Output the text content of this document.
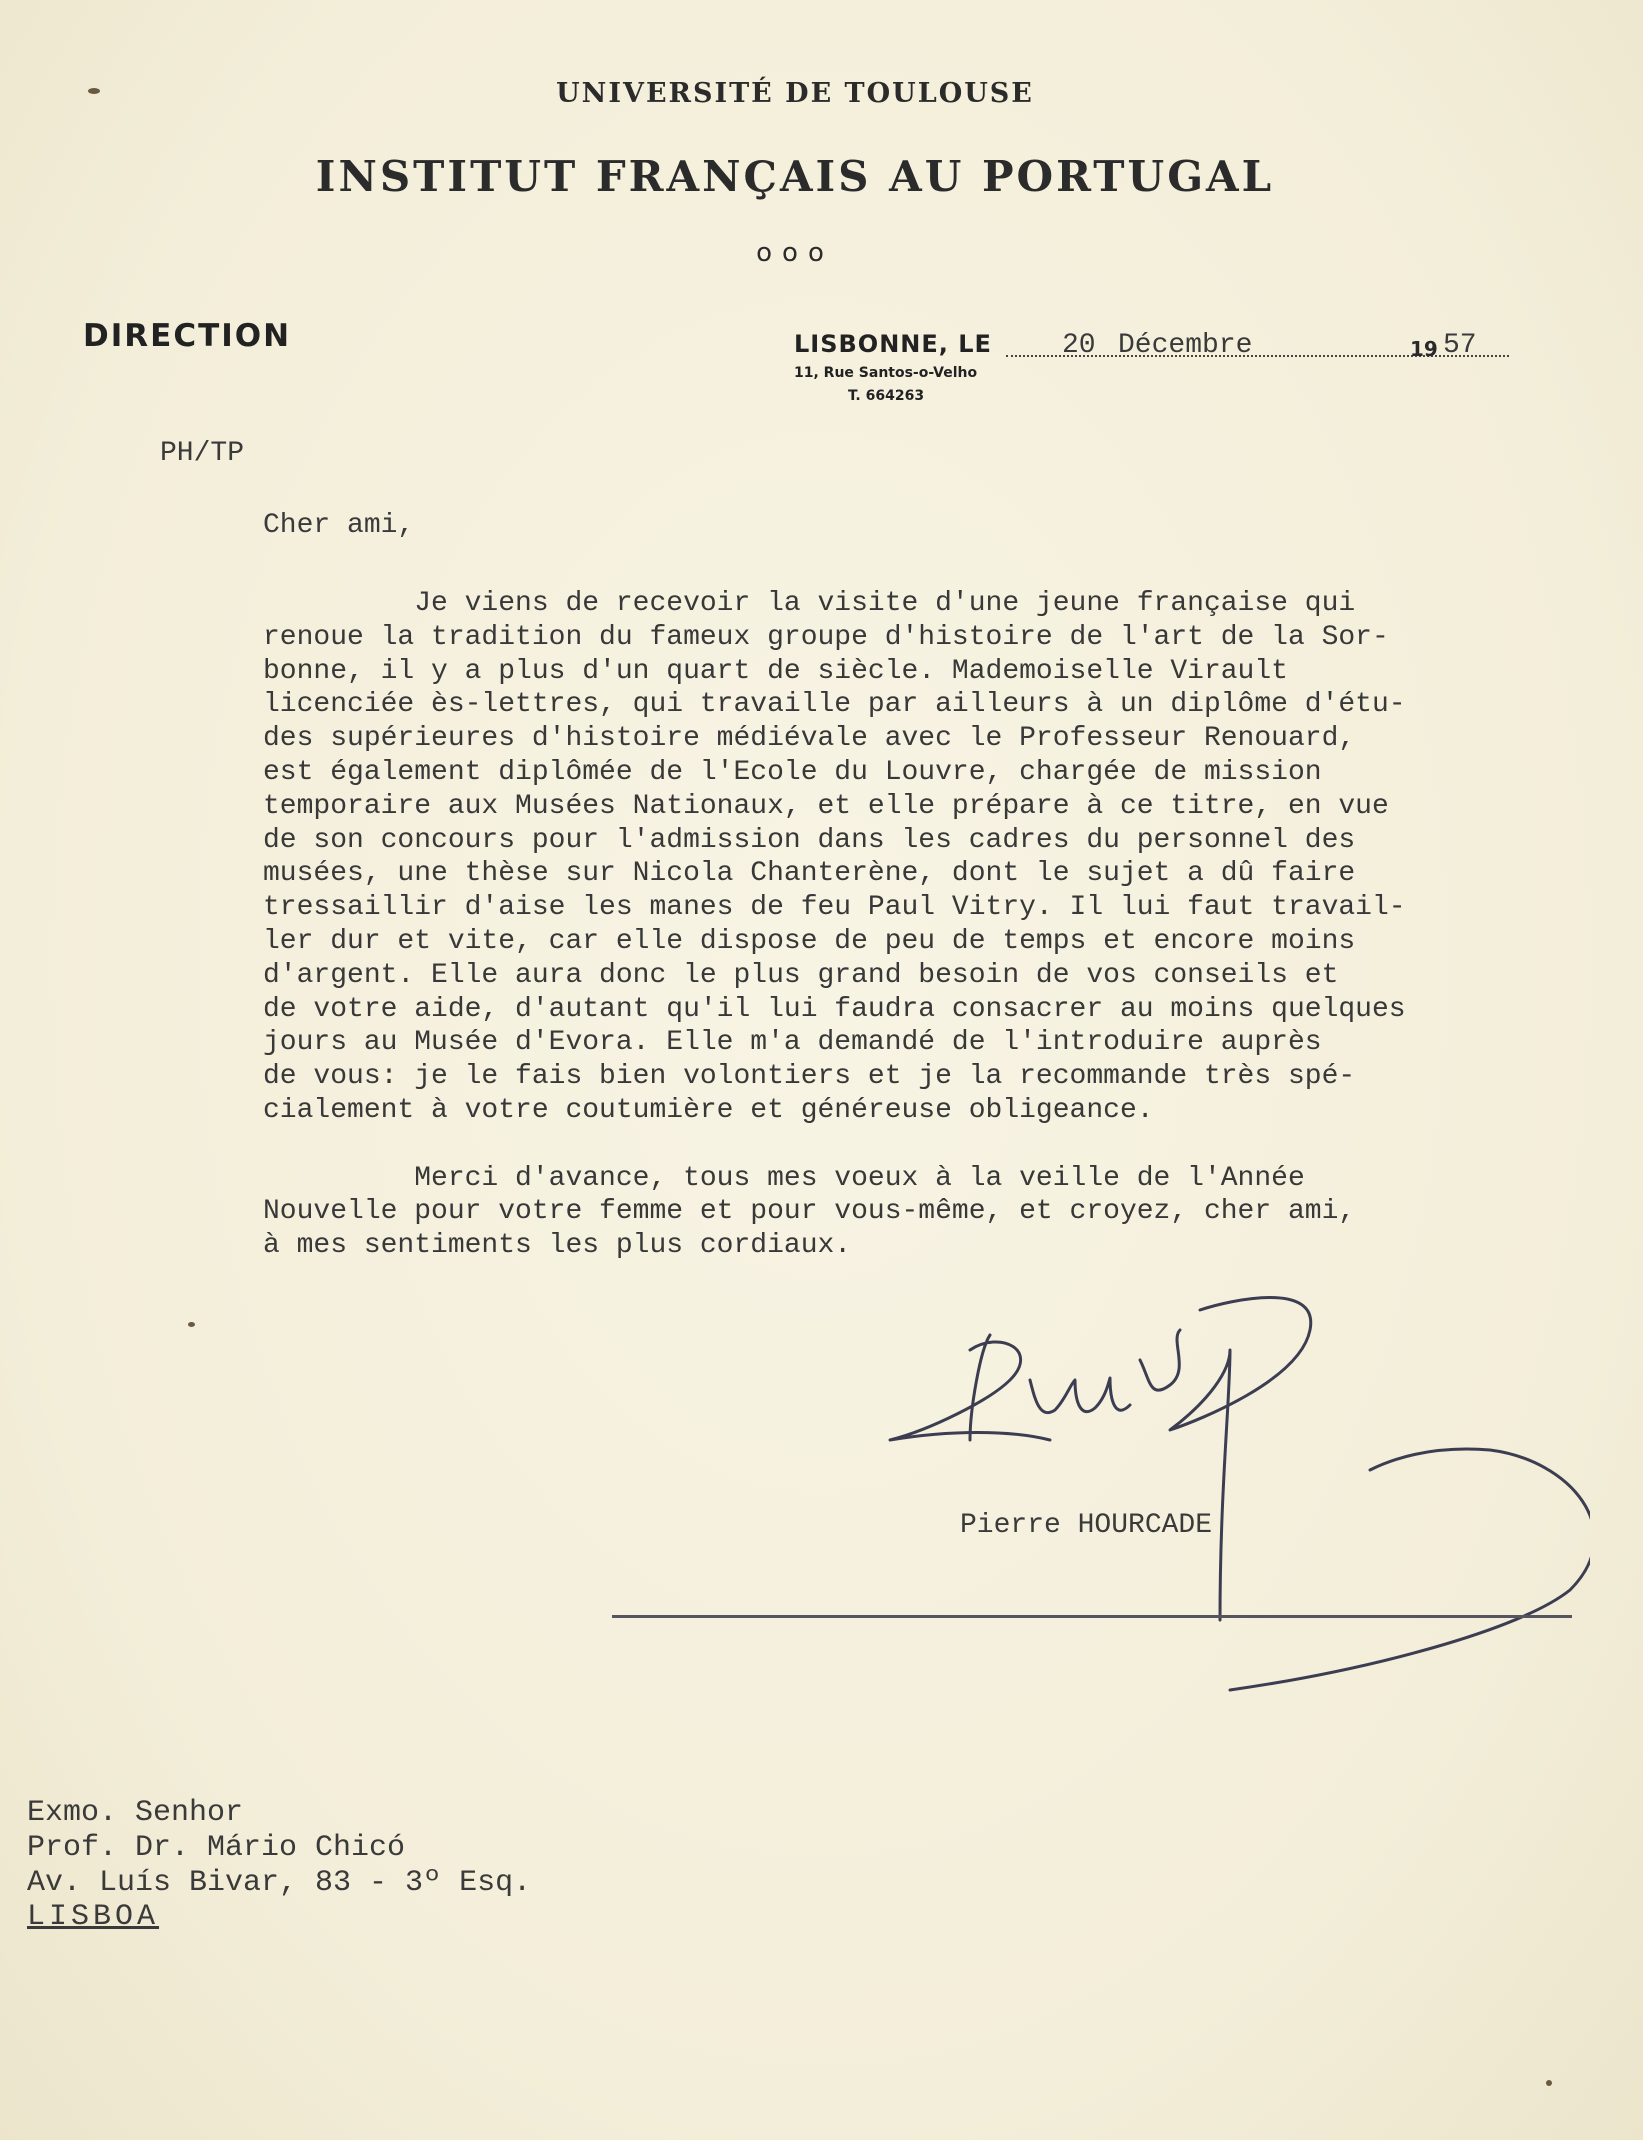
UNIVERSITÉ DE TOULOUSE
INSTITUT FRANÇAIS AU PORTUGAL
ooo
DIRECTION	LISBONNE, LE	20 Décembre	19 57
11, Rue Santos-o-Velho
T. 664263
PH/TP
Cher ami,
Je viens de recevoir la visite d'une jeune française qui
renoue la tradition du fameux groupe d'histoire de l'art de la Sor-
bonne, il y a plus d'un quart de siècle. Mademoiselle Virault
licenciée ès-lettres, qui travaille par ailleurs à un diplôme d'étu-
des supérieures d'histoire médiévale avec le Professeur Renouard,
est également diplômée de l'Ecole du Louvre, chargée de mission
temporaire aux Musées Nationaux, et elle prépare à ce titre, en vue
de son concours pour l'admission dans les cadres du personnel des
musées, une thèse sur Nicola Chanterène, dont le sujet a dû faire
tressaillir d'aise les manes de feu Paul Vitry. Il lui faut travail-
ler dur et vite, car elle dispose de peu de temps et encore moins
d'argent. Elle aura donc le plus grand besoin de vos conseils et
de votre aide, d'autant qu'il lui faudra consacrer au moins quelques
jours au Musée d'Evora. Elle m'a demandé de l'introduire auprès
de vous: je le fais bien volontiers et je la recommande très spé-
cialement à votre coutumière et généreuse obligeance.
Merci d'avance, tous mes voeux à la veille de l'Année
Nouvelle pour votre femme et pour vous-même, et croyez, cher ami,
à mes sentiments les plus cordiaux.
Pierre HOURCADE
Exmo. Senhor
Prof. Dr. Mário Chicó
Av. Luís Bivar, 83 - 3º Esq.
LISBOA
